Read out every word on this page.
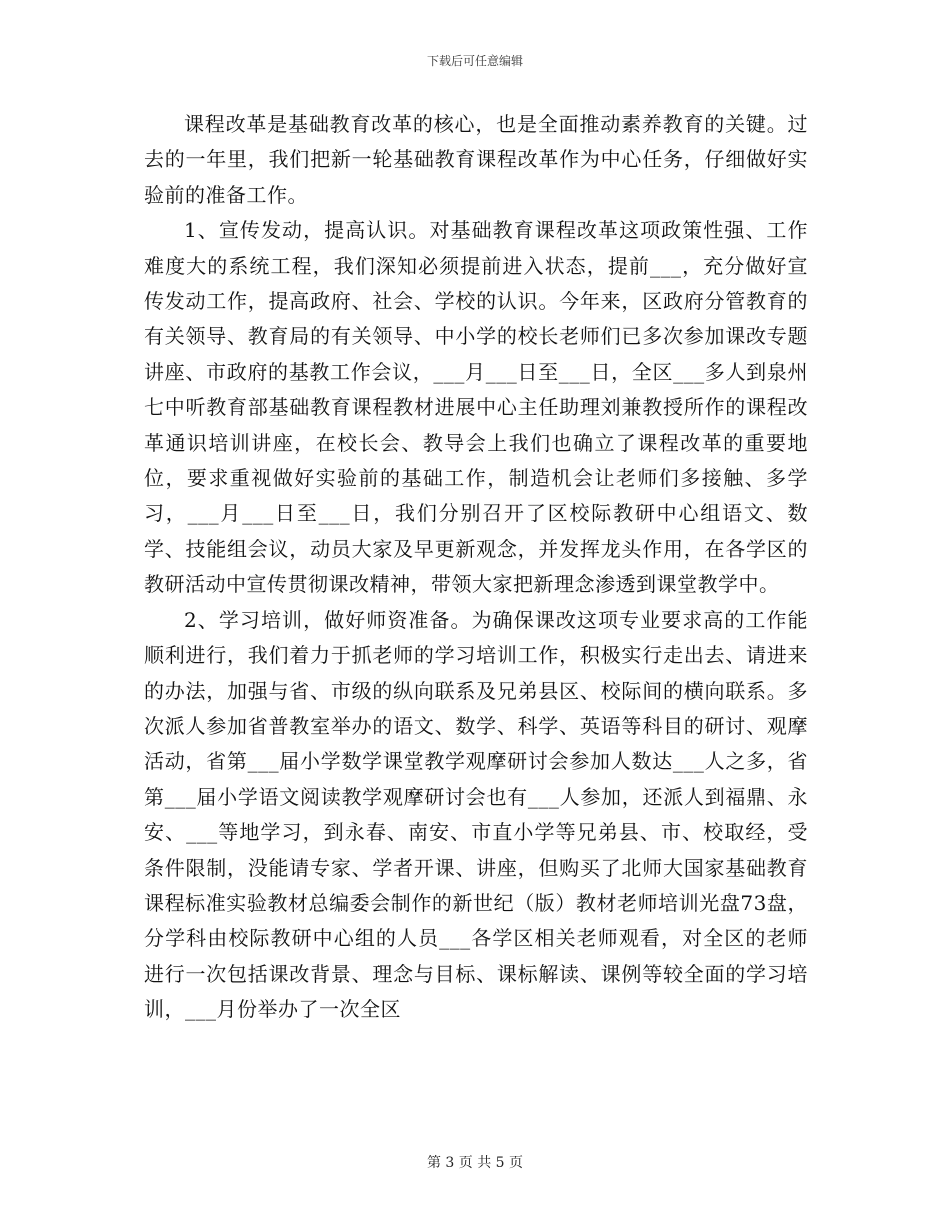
下载后可任意编辑

课程改革是基础教育改革的核心，也是全面推动素养教育的关键。过去的一年里，我们把新一轮基础教育课程改革作为中心任务，仔细做好实验前的准备工作。

1、宣传发动，提高认识。对基础教育课程改革这项政策性强、工作难度大的系统工程，我们深知必须提前进入状态，提前___，充分做好宣传发动工作，提高政府、社会、学校的认识。今年来，区政府分管教育的有关领导、教育局的有关领导、中小学的校长老师们已多次参加课改专题讲座、市政府的基教工作会议，___月___日至___日，全区___多人到泉州七中听教育部基础教育课程教材进展中心主任助理刘兼教授所作的课程改革通识培训讲座，在校长会、教导会上我们也确立了课程改革的重要地位，要求重视做好实验前的基础工作，制造机会让老师们多接触、多学习，___月___日至___日，我们分别召开了区校际教研中心组语文、数学、技能组会议，动员大家及早更新观念，并发挥龙头作用，在各学区的教研活动中宣传贯彻课改精神，带领大家把新理念渗透到课堂教学中。

2、学习培训，做好师资准备。为确保课改这项专业要求高的工作能顺利进行，我们着力于抓老师的学习培训工作，积极实行走出去、请进来的办法，加强与省、市级的纵向联系及兄弟县区、校际间的横向联系。多次派人参加省普教室举办的语文、数学、科学、英语等科目的研讨、观摩活动，省第___届小学数学课堂教学观摩研讨会参加人数达___人之多，省第___届小学语文阅读教学观摩研讨会也有___人参加，还派人到福鼎、永安、___等地学习，到永春、南安、市直小学等兄弟县、市、校取经，受条件限制，没能请专家、学者开课、讲座，但购买了北师大国家基础教育课程标准实验教材总编委会制作的新世纪（版）教材老师培训光盘73盘，分学科由校际教研中心组的人员___各学区相关老师观看，对全区的老师进行一次包括课改背景、理念与目标、课标解读、课例等较全面的学习培训，___月份举办了一次全区

第 3 页 共 5 页
